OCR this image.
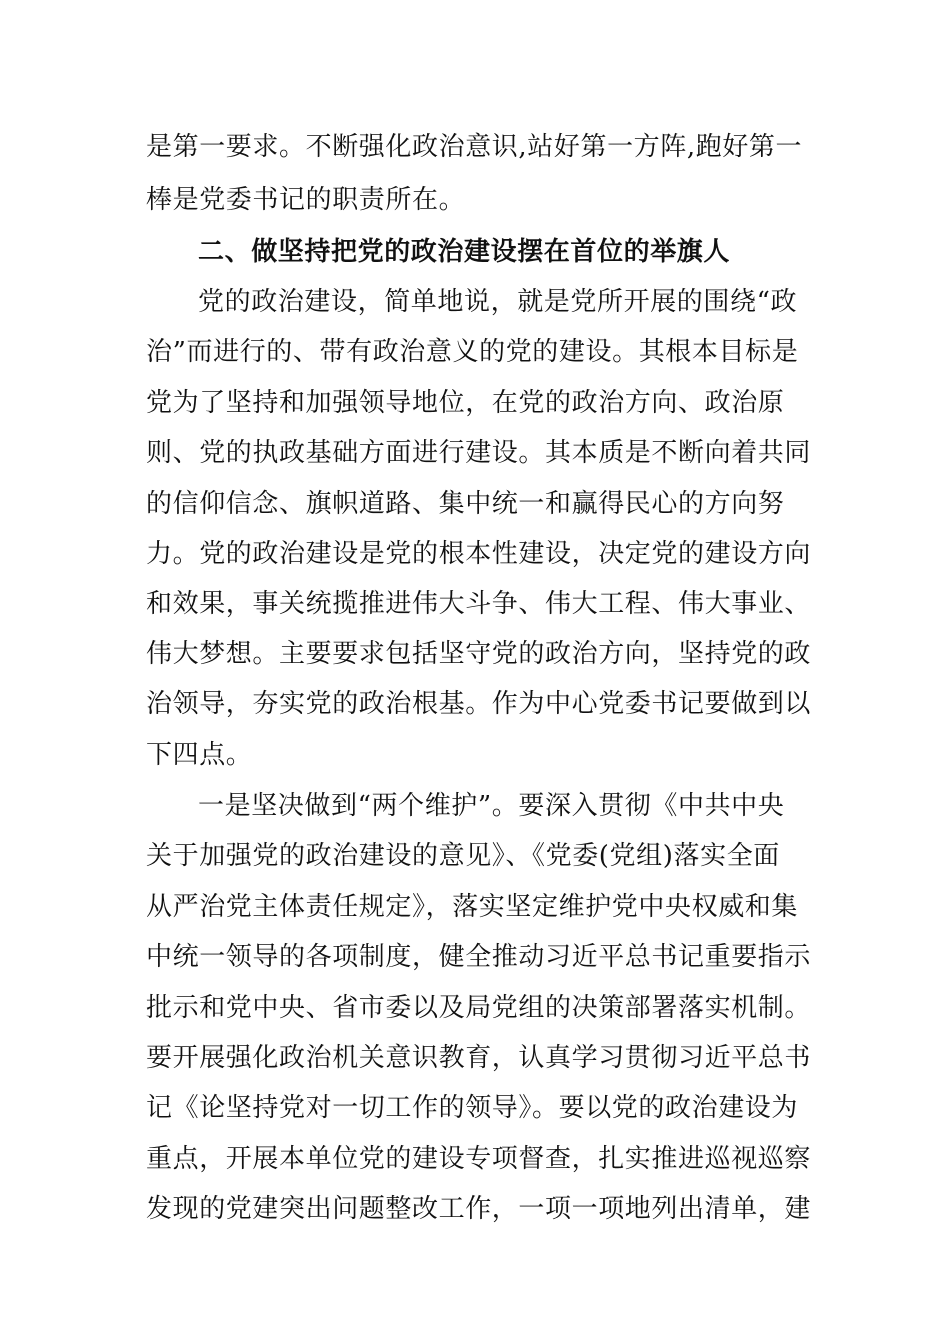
是第一要求。不断强化政治意识,站好第一方阵,跑好第一
棒是党委书记的职责所在。
二、做坚持把党的政治建设摆在首位的举旗人
党的政治建设，简单地说，就是党所开展的围绕“政
治”而进行的、带有政治意义的党的建设。其根本目标是
党为了坚持和加强领导地位，在党的政治方向、政治原
则、党的执政基础方面进行建设。其本质是不断向着共同
的信仰信念、旗帜道路、集中统一和赢得民心的方向努
力。党的政治建设是党的根本性建设，决定党的建设方向
和效果，事关统揽推进伟大斗争、伟大工程、伟大事业、
伟大梦想。主要要求包括坚守党的政治方向，坚持党的政
治领导，夯实党的政治根基。作为中心党委书记要做到以
下四点。
一是坚决做到“两个维护”。要深入贯彻《中共中央
关于加强党的政治建设的意见》、《党委(党组)落实全面
从严治党主体责任规定》，落实坚定维护党中央权威和集
中统一领导的各项制度，健全推动习近平总书记重要指示
批示和党中央、省市委以及局党组的决策部署落实机制。
要开展强化政治机关意识教育，认真学习贯彻习近平总书
记《论坚持党对一切工作的领导》。要以党的政治建设为
重点，开展本单位党的建设专项督查，扎实推进巡视巡察
发现的党建突出问题整改工作，一项一项地列出清单，建
